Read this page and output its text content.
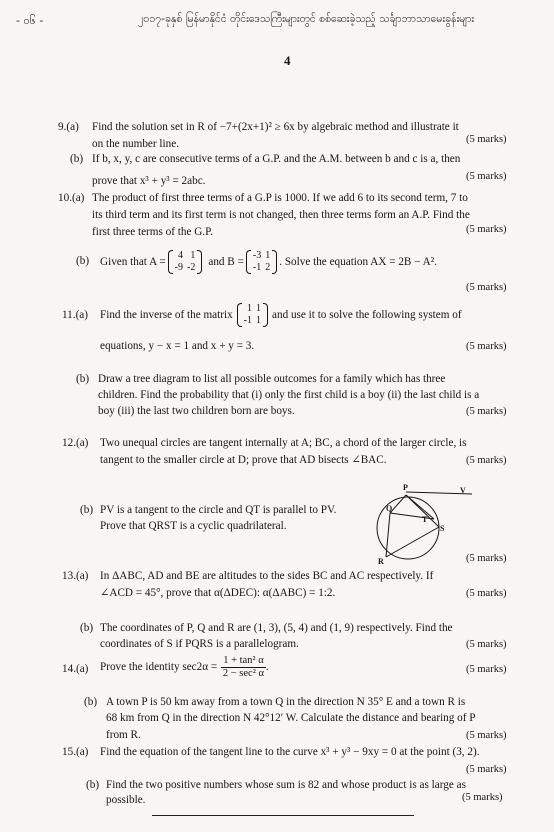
- ၀၆ -	၂၀၁၇-ခုနှစ် မြန်မာနိုင်ငံ တိုင်းဒေသကြီးများတွင် စစ်ဆေးခဲ့သည့် သင်္ချာဘာသာမေးခွန်းများ
4
9.(a) Find the solution set in R of −7+(2x+1)² ≥ 6x by algebraic method and illustrate it
on the number line.	(5 marks)
(b) If b, x, y, c are consecutive terms of a G.P. and the A.M. between b and c is a, then
prove that x³ + y³ = 2abc.	(5 marks)
10.(a) The product of first three terms of a G.P is 1000. If we add 6 to its second term, 7 to
its third term and its first term is not changed, then three terms form an A.P. Find the
first three terms of the G.P.	(5 marks)
(b) Given that A = 4	1
-9	-2 and B = -3	1
-1	2 . Solve the equation AX = 2B − A².
(5 marks)
11.(a) Find the inverse of the matrix 1	1
-1	1 and use it to solve the following system of
equations, y − x = 1 and x + y = 3.	(5 marks)
(b) Draw a tree diagram to list all possible outcomes for a family which has three
children. Find the probability that (i) only the first child is a boy (ii) the last child is a
boy (iii) the last two children born are boys.	(5 marks)
12.(a) Two unequal circles are tangent internally at A; BC, a chord of the larger circle, is
tangent to the smaller circle at D; prove that AD bisects ∠BAC.	(5 marks)
(b) PV is a tangent to the circle and QT is parallel to PV.
Prove that QRST is a cyclic quadrilateral.
P	V
Q
T
S
R	(5 marks)
13.(a) In ΔABC, AD and BE are altitudes to the sides BC and AC respectively. If
∠ACD = 45°, prove that α(ΔDEC): α(ΔABC) = 1:2.	(5 marks)
(b) The coordinates of P, Q and R are (1, 3), (5, 4) and (1, 9) respectively. Find the
coordinates of S if PQRS is a parallelogram.	(5 marks)
14.(a) Prove the identity $\sec 2\alpha = \frac{\text{1 + tan² α}}{\text{2 − sec² α}}$ .	(5 marks)
(b) A town P is 50 km away from a town Q in the direction N 35° E and a town R is
68 km from Q in the direction N 42°12′ W. Calculate the distance and bearing of P
from R.	(5 marks)
15.(a) Find the equation of the tangent line to the curve x³ + y³ − 9xy = 0 at the point (3, 2).
(5 marks)
(b) Find the two positive numbers whose sum is 82 and whose product is as large as
possible.	(5 marks)
